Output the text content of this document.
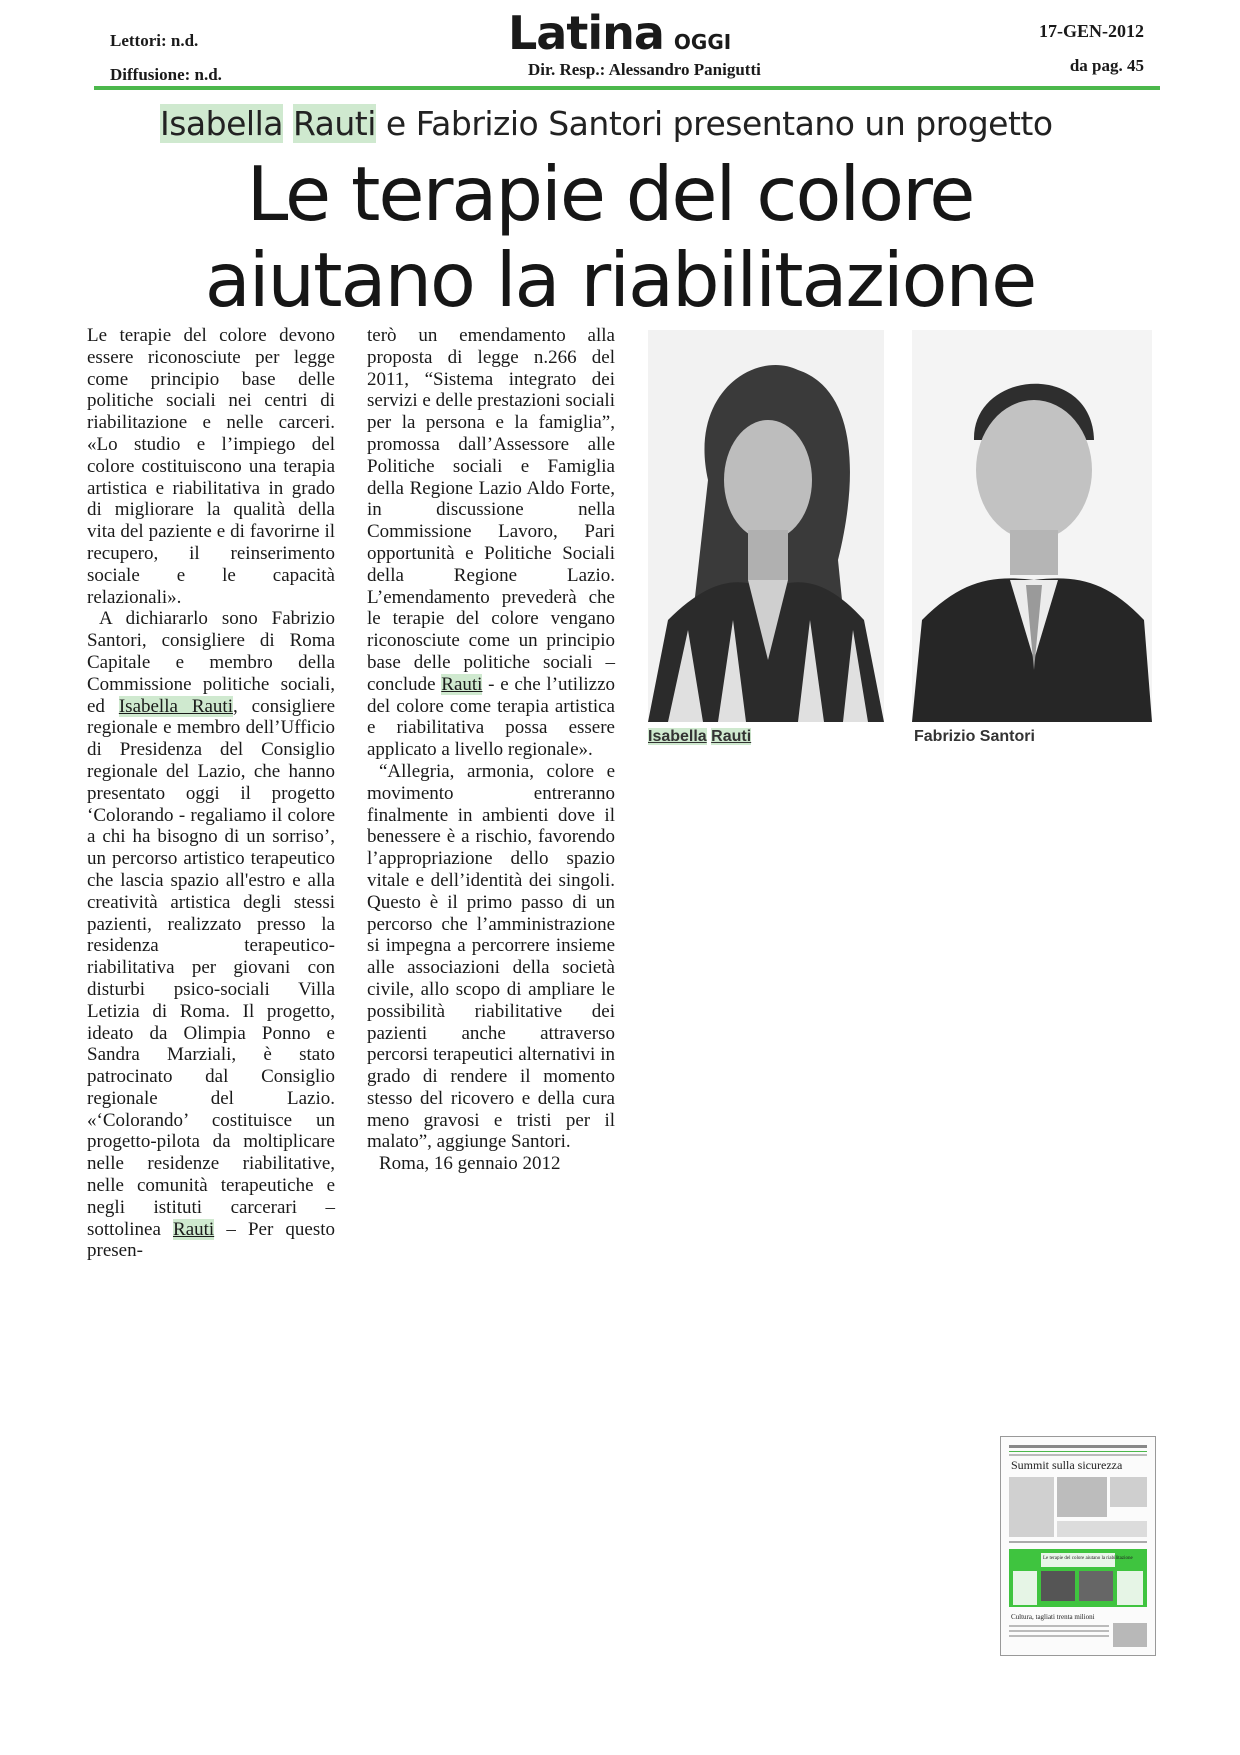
Lettori: n.d.
Diffusione: n.d.
Latina OGGI
Dir. Resp.: Alessandro Panigutti
17-GEN-2012
da pag. 45
Isabella Rauti e Fabrizio Santori presentano un progetto
Le terapie del colore
aiutano la riabilitazione

Le terapie del colore devono essere riconosciute per legge come principio base delle politiche sociali nei centri di riabilitazione e nelle carceri. «Lo studio e l’impiego del colore costituiscono una terapia artistica e riabilitativa in grado di migliorare la qualità della vita del paziente e di favorirne il recupero, il reinserimento sociale e le capacità relazionali».

A dichiararlo sono Fabrizio Santori, consigliere di Roma Capitale e membro della Commissione politiche sociali, ed Isabella Rauti, consigliere regionale e membro dell’Ufficio di Presidenza del Consiglio regionale del Lazio, che hanno presentato oggi il progetto ‘Colorando - regaliamo il colore a chi ha bisogno di un sorriso’, un percorso artistico terapeutico che lascia spazio all'estro e alla creatività artistica degli stessi pazienti, realizzato presso la residenza terapeutico-riabilitativa per giovani con disturbi psico-sociali Villa Letizia di Roma. Il progetto, ideato da Olimpia Ponno e Sandra Marziali, è stato patrocinato dal Consiglio regionale del Lazio. «‘Colorando’ costituisce un progetto-pilota da moltiplicare nelle residenze riabilitative, nelle comunità terapeutiche e negli istituti carcerari – sottolinea Rauti – Per questo presen-

terò un emendamento alla proposta di legge n.266 del 2011, “Sistema integrato dei servizi e delle prestazioni sociali per la persona e la famiglia”, promossa dall’Assessore alle Politiche sociali e Famiglia della Regione Lazio Aldo Forte, in discussione nella Commissione Lavoro, Pari opportunità e Politiche Sociali della Regione Lazio. L’emendamento prevederà che le terapie del colore vengano riconosciute come un principio base delle politiche sociali – conclude Rauti - e che l’utilizzo del colore come terapia artistica e riabilitativa possa essere applicato a livello regionale».

“Allegria, armonia, colore e movimento entreranno finalmente in ambienti dove il benessere è a rischio, favorendo l’appropriazione dello spazio vitale e dell’identità dei singoli. Questo è il primo passo di un percorso che l’amministrazione si impegna a percorrere insieme alle associazioni della società civile, allo scopo di ampliare le possibilità riabilitative dei pazienti anche attraverso percorsi terapeutici alternativi in grado di rendere il momento stesso del ricovero e della cura meno gravosi e tristi per il malato”, aggiunge Santori.

Roma, 16 gennaio 2012

Isabella Rauti	Fabrizio Santori
Summit sulla sicurezza
Le terapie del colore aiutano la riabilitazione
Cultura, tagliati trenta milioni
